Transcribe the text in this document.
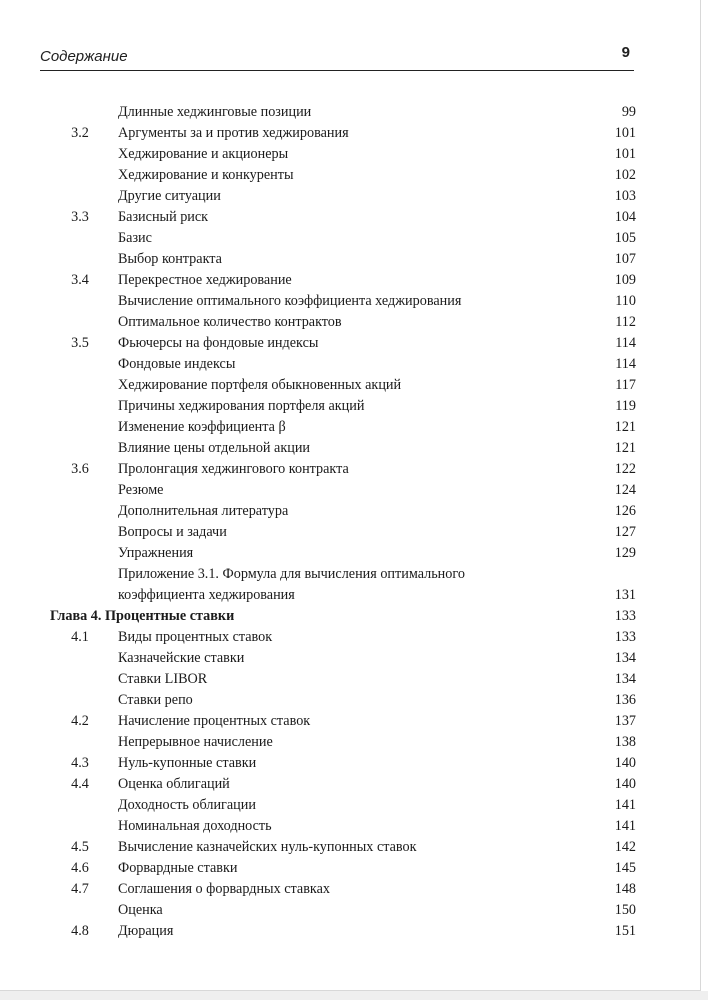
Содержание	9
Длинные хеджинговые позиции	99
3.2	Аргументы за и против хеджирования	101
Хеджирование и акционеры	101
Хеджирование и конкуренты	102
Другие ситуации	103
3.3	Базисный риск	104
Базис	105
Выбор контракта	107
3.4	Перекрестное хеджирование	109
Вычисление оптимального коэффициента хеджирования	110
Оптимальное количество контрактов	112
3.5	Фьючерсы на фондовые индексы	114
Фондовые индексы	114
Хеджирование портфеля обыкновенных акций	117
Причины хеджирования портфеля акций	119
Изменение коэффициента β	121
Влияние цены отдельной акции	121
3.6	Пролонгация хеджингового контракта	122
Резюме	124
Дополнительная литература	126
Вопросы и задачи	127
Упражнения	129
Приложение 3.1. Формула для вычисления оптимального
коэффициента хеджирования	131
Глава 4. Процентные ставки	133
4.1	Виды процентных ставок	133
Казначейские ставки	134
Ставки LIBOR	134
Ставки репо	136
4.2	Начисление процентных ставок	137
Непрерывное начисление	138
4.3	Нуль-купонные ставки	140
4.4	Оценка облигаций	140
Доходность облигации	141
Номинальная доходность	141
4.5	Вычисление казначейских нуль-купонных ставок	142
4.6	Форвардные ставки	145
4.7	Соглашения о форвардных ставках	148
Оценка	150
4.8	Дюрация	151
